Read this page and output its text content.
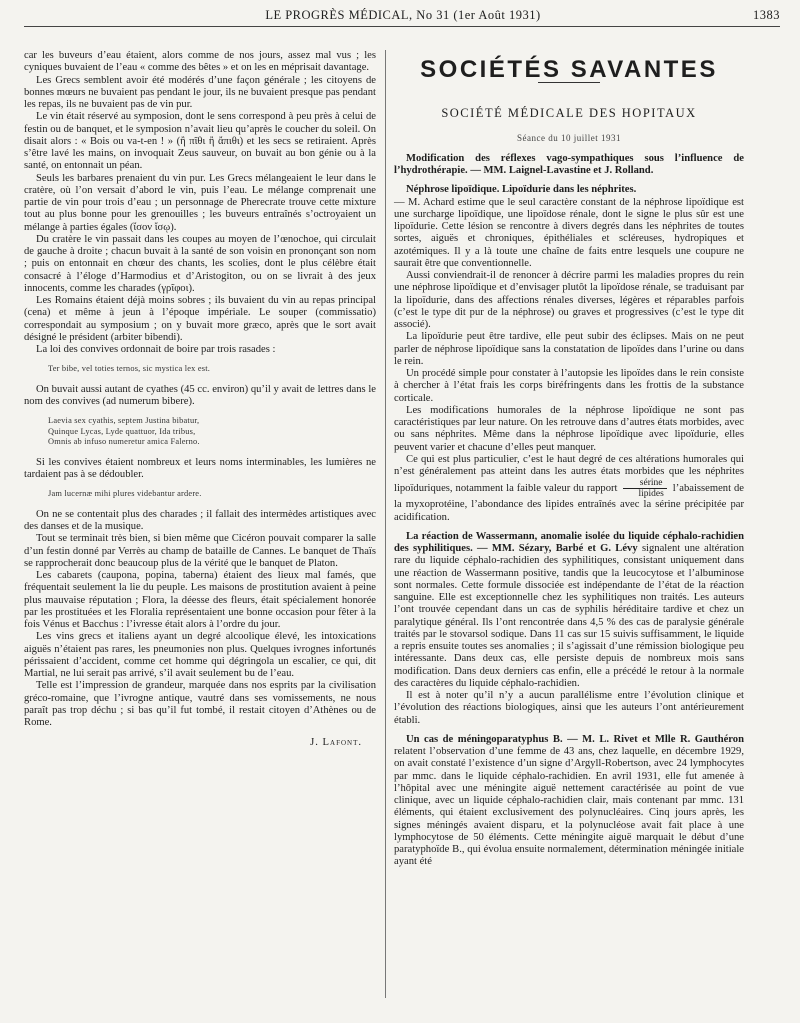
LE PROGRÈS MÉDICAL, No 31 (1er Août 1931)	1383

car les buveurs d’eau étaient, alors comme de nos jours, assez mal vus ; les cyniques buvaient de l’eau « comme des bêtes » et on les en méprisait davantage.

Les Grecs semblent avoir été modérés d’une façon générale ; les citoyens de bonnes mœurs ne buvaient pas pendant le jour, ils ne buvaient presque pas pendant les repas, ils ne buvaient pas de vin pur.

Le vin était réservé au symposion, dont le sens correspond à peu près à celui de festin ou de banquet, et le symposion n’avait lieu qu’après le coucher du soleil. On disait alors : « Bois ou va-t-en ! » (ἢ πῖθι ἢ ἄπιθι) et les secs se retiraient. Après s’être lavé les mains, on invoquait Zeus sauveur, on buvait au bon génie ou à la santé, on entonnait un péan.

Seuls les barbares prenaient du vin pur. Les Grecs mélangeaient le leur dans le cratère, où l’on versait d’abord le vin, puis l’eau. Le mélange comprenait une partie de vin pour trois d’eau ; un personnage de Pherecrate trouve cette mixture tout au plus bonne pour les grenouilles ; les buveurs entraînés s’octroyaient un mélange à parties égales (ἴσον ἴσῳ).

Du cratère le vin passait dans les coupes au moyen de l’œnochoe, qui circulait de gauche à droite ; chacun buvait à la santé de son voisin en prononçant son nom ; puis on entonnait en chœur des chants, les scolies, dont le plus célèbre était consacré à l’éloge d’Harmodius et d’Aristogiton, ou on se livrait à des jeux innocents, comme les charades (γρῖφοι).

Les Romains étaient déjà moins sobres ; ils buvaient du vin au repas principal (cena) et même à jeun à l’époque impériale. Le souper (commissatio) correspondait au symposium ; on y buvait more græco, après que le sort avait désigné le président (arbiter bibendi).

La loi des convives ordonnait de boire par trois rasades :

Ter bibe, vel toties ternos, sic mystica lex est.

On buvait aussi autant de cyathes (45 cc. environ) qu’il y avait de lettres dans le nom des convives (ad numerum bibere).

Laevia sex cyathis, septem Justina bibatur,
Quinque Lycas, Lyde quattuor, Ida tribus,
Omnis ab infuso numeretur amica Falerno.

Si les convives étaient nombreux et leurs noms interminables, les lumières ne tardaient pas à se dédoubler.

Jam lucernæ mihi plures videbantur ardere.

On ne se contentait plus des charades ; il fallait des intermèdes artistiques avec des danses et de la musique.

Tout se terminait très bien, si bien même que Cicéron pouvait comparer la salle d’un festin donné par Verrès au champ de bataille de Cannes. Le banquet de Thaïs se rapprocherait donc beaucoup plus de la vérité que le banquet de Platon.

Les cabarets (caupona, popina, taberna) étaient des lieux mal famés, que fréquentait seulement la lie du peuple. Les maisons de prostitution avaient à peine plus mauvaise réputation ; Flora, la déesse des fleurs, était spécialement honorée par les prostituées et les Floralia représentaient une bonne occasion pour fêter à la fois Vénus et Bacchus : l’ivresse était alors à l’ordre du jour.

Les vins grecs et italiens ayant un degré alcoolique élevé, les intoxications aiguës n’étaient pas rares, les pneumonies non plus. Quelques ivrognes infortunés périssaient d’accident, comme cet homme qui dégringola un escalier, ce qui, dit Martial, ne lui serait pas arrivé, s’il avait seulement bu de l’eau.

Telle est l’impression de grandeur, marquée dans nos esprits par la civilisation gréco-romaine, que l’ivrogne antique, vautré dans ses vomissements, ne nous paraît pas trop déchu ; si bas qu’il fut tombé, il restait citoyen d’Athènes ou de Rome.

J. Lafont.
SOCIÉTÉS SAVANTES
SOCIÉTÉ MÉDICALE DES HOPITAUX
Séance du 10 juillet 1931

Modification des réflexes vago-sympathiques sous l’influence de l’hydrothérapie. — MM. Laignel-Lavastine et J. Rolland.

Néphrose lipoïdique. Lipoïdurie dans les néphrites.

— M. Achard estime que le seul caractère constant de la néphrose lipoïdique est une surcharge lipoïdique, une lipoïdose rénale, dont le signe le plus sûr est une lipoïdurie. Cette lésion se rencontre à divers degrés dans les néphrites de toutes sortes, aiguës et chroniques, épithéliales et scléreuses, hydropiques et azotémiques. Il y a là toute une chaîne de faits entre lesquels une coupure ne saurait être que conventionnelle.

Aussi conviendrait-il de renoncer à décrire parmi les maladies propres du rein une néphrose lipoïdique et d’envisager plutôt la lipoïdose rénale, se traduisant par la lipoïdurie, dans des affections rénales diverses, légères et réparables parfois (c’est le type dit pur de la néphrose) ou graves et progressives (c’est le type dit associé).

La lipoïdurie peut être tardive, elle peut subir des éclipses. Mais on ne peut parler de néphrose lipoïdique sans la constatation de lipoïdes dans l’urine ou dans le rein.

Un procédé simple pour constater à l’autopsie les lipoïdes dans le rein consiste à chercher à l’état frais les corps biréfringents dans les frottis de la substance corticale.

Les modifications humorales de la néphrose lipoïdique ne sont pas caractéristiques par leur nature. On les retrouve dans d’autres états morbides, avec ou sans néphrites. Même dans la néphrose lipoïdique avec lipoïdurie, elles peuvent varier et chacune d’elles peut manquer.

Ce qui est plus particulier, c’est le haut degré de ces altérations humorales qui n’est généralement pas atteint dans les autres états morbides que les néphrites lipoïduriques, notamment la faible valeur du rapport $\frac{\text{sérine}}{\text{lipides}}$ l’abaissement de la myxoprotéine, l’abondance des lipides entraînés avec la sérine précipitée par acidification.

La réaction de Wassermann, anomalie isolée du liquide céphalo-rachidien des syphilitiques. — MM. Sézary, Barbé et G. Lévy signalent une altération rare du liquide céphalo-rachidien des syphilitiques, consistant uniquement dans une réaction de Wassermann positive, tandis que la leucocytose et l’albuminose sont normales. Cette formule dissociée est indépendante de l’état de la réaction sanguine. Elle est exceptionnelle chez les syphilitiques non traités. Les auteurs l’ont trouvée cependant dans un cas de syphilis héréditaire tardive et chez un paralytique général. Ils l’ont rencontrée dans 4,5 % des cas de paralysie générale traités par le stovarsol sodique. Dans 11 cas sur 15 suivis suffisamment, le liquide a repris ensuite toutes ses anomalies ; il s’agissait d’une rémission biologique peu intéressante. Dans deux cas, elle persiste depuis de nombreux mois sans modification. Dans deux derniers cas enfin, elle a précédé le retour à la normale des caractères du liquide céphalo-rachidien.

Il est à noter qu’il n’y a aucun parallélisme entre l’évolution clinique et l’évolution des réactions biologiques, ainsi que les auteurs l’ont antérieurement établi.

Un cas de méningoparatyphus B. — M. L. Rivet et Mlle R. Gauthéron relatent l’observation d’une femme de 43 ans, chez laquelle, en décembre 1929, on avait constaté l’existence d’un signe d’Argyll-Robertson, avec 24 lymphocytes par mmc. dans le liquide céphalo-rachidien. En avril 1931, elle fut amenée à l’hôpital avec une méningite aiguë nettement caractérisée au point de vue clinique, avec un liquide céphalo-rachidien clair, mais contenant par mmc. 131 éléments, qui étaient exclusivement des polynucléaires. Cinq jours après, les signes méningés avaient disparu, et la polynucléose avait fait place à une lymphocytose de 50 éléments. Cette méningite aiguë marquait le début d’une paratyphoïde B., qui évolua ensuite normalement, détermination méningée initiale ayant été
